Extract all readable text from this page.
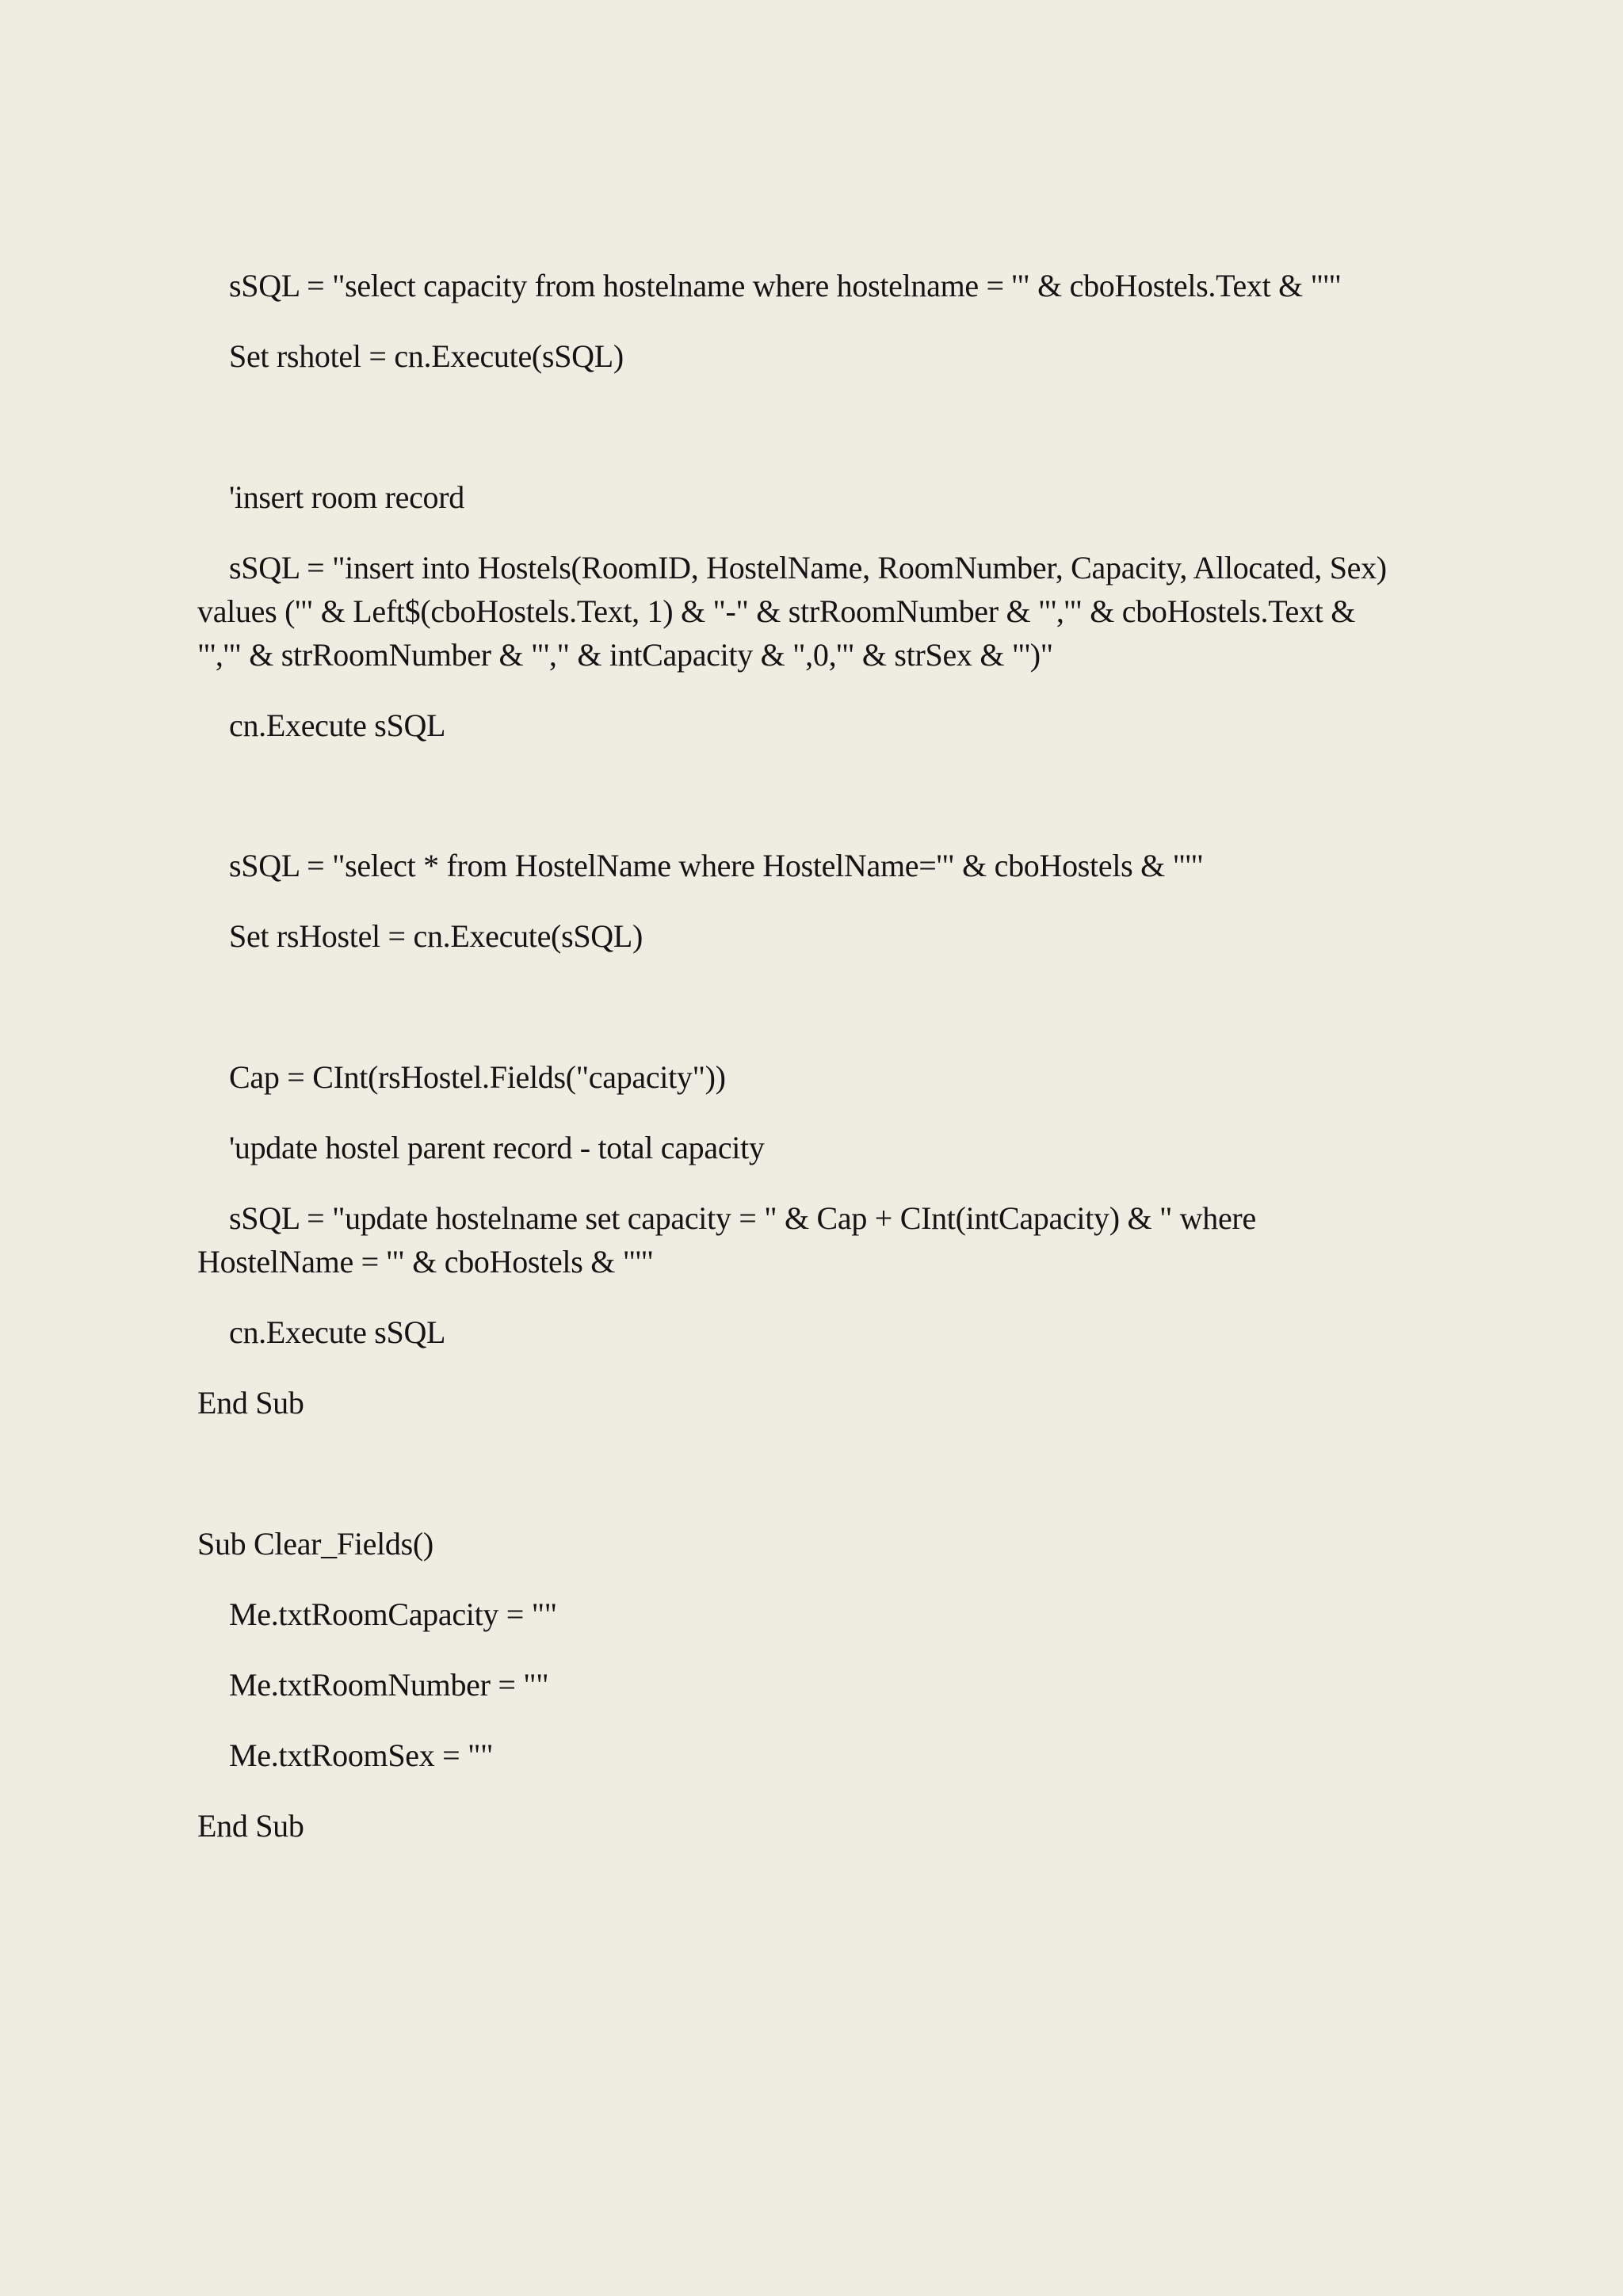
sSQL = "select capacity from hostelname where hostelname = '" & cboHostels.Text & "'"
Set rshotel = cn.Execute(sSQL)
'insert room record
sSQL = "insert into Hostels(RoomID, HostelName, RoomNumber, Capacity, Allocated, Sex)
values ('" & Left$(cboHostels.Text, 1) & "-" & strRoomNumber & "','" & cboHostels.Text &
"','" & strRoomNumber & "'," & intCapacity & ",0,'" & strSex & "')"
cn.Execute sSQL
sSQL = "select * from HostelName where HostelName='" & cboHostels & "'"
Set rsHostel = cn.Execute(sSQL)
Cap = CInt(rsHostel.Fields("capacity"))
'update hostel parent record - total capacity
sSQL = "update hostelname set capacity = " & Cap + CInt(intCapacity) & " where
HostelName = '" & cboHostels & "'"
cn.Execute sSQL
End Sub
Sub Clear_Fields()
Me.txtRoomCapacity = ""
Me.txtRoomNumber = ""
Me.txtRoomSex = ""
End Sub
